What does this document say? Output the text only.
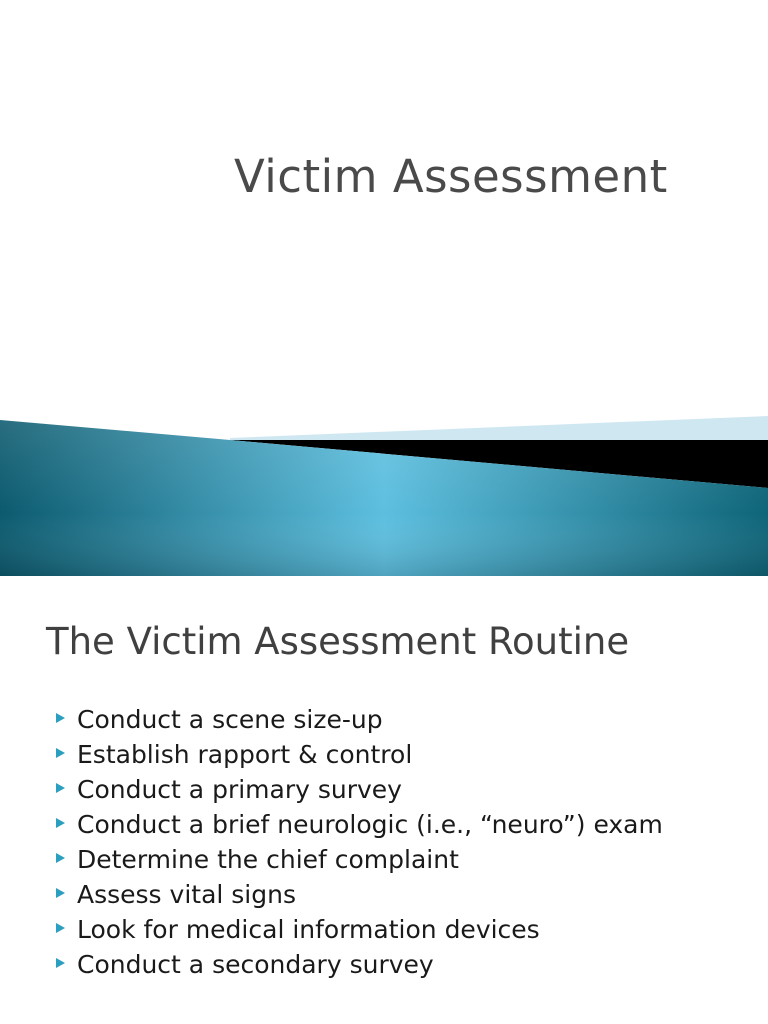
Victim Assessment
The Victim Assessment Routine
Conduct a scene size-up
Establish rapport & control
Conduct a primary survey
Conduct a brief neurologic (i.e., “neuro”) exam
Determine the chief complaint
Assess vital signs
Look for medical information devices
Conduct a secondary survey
